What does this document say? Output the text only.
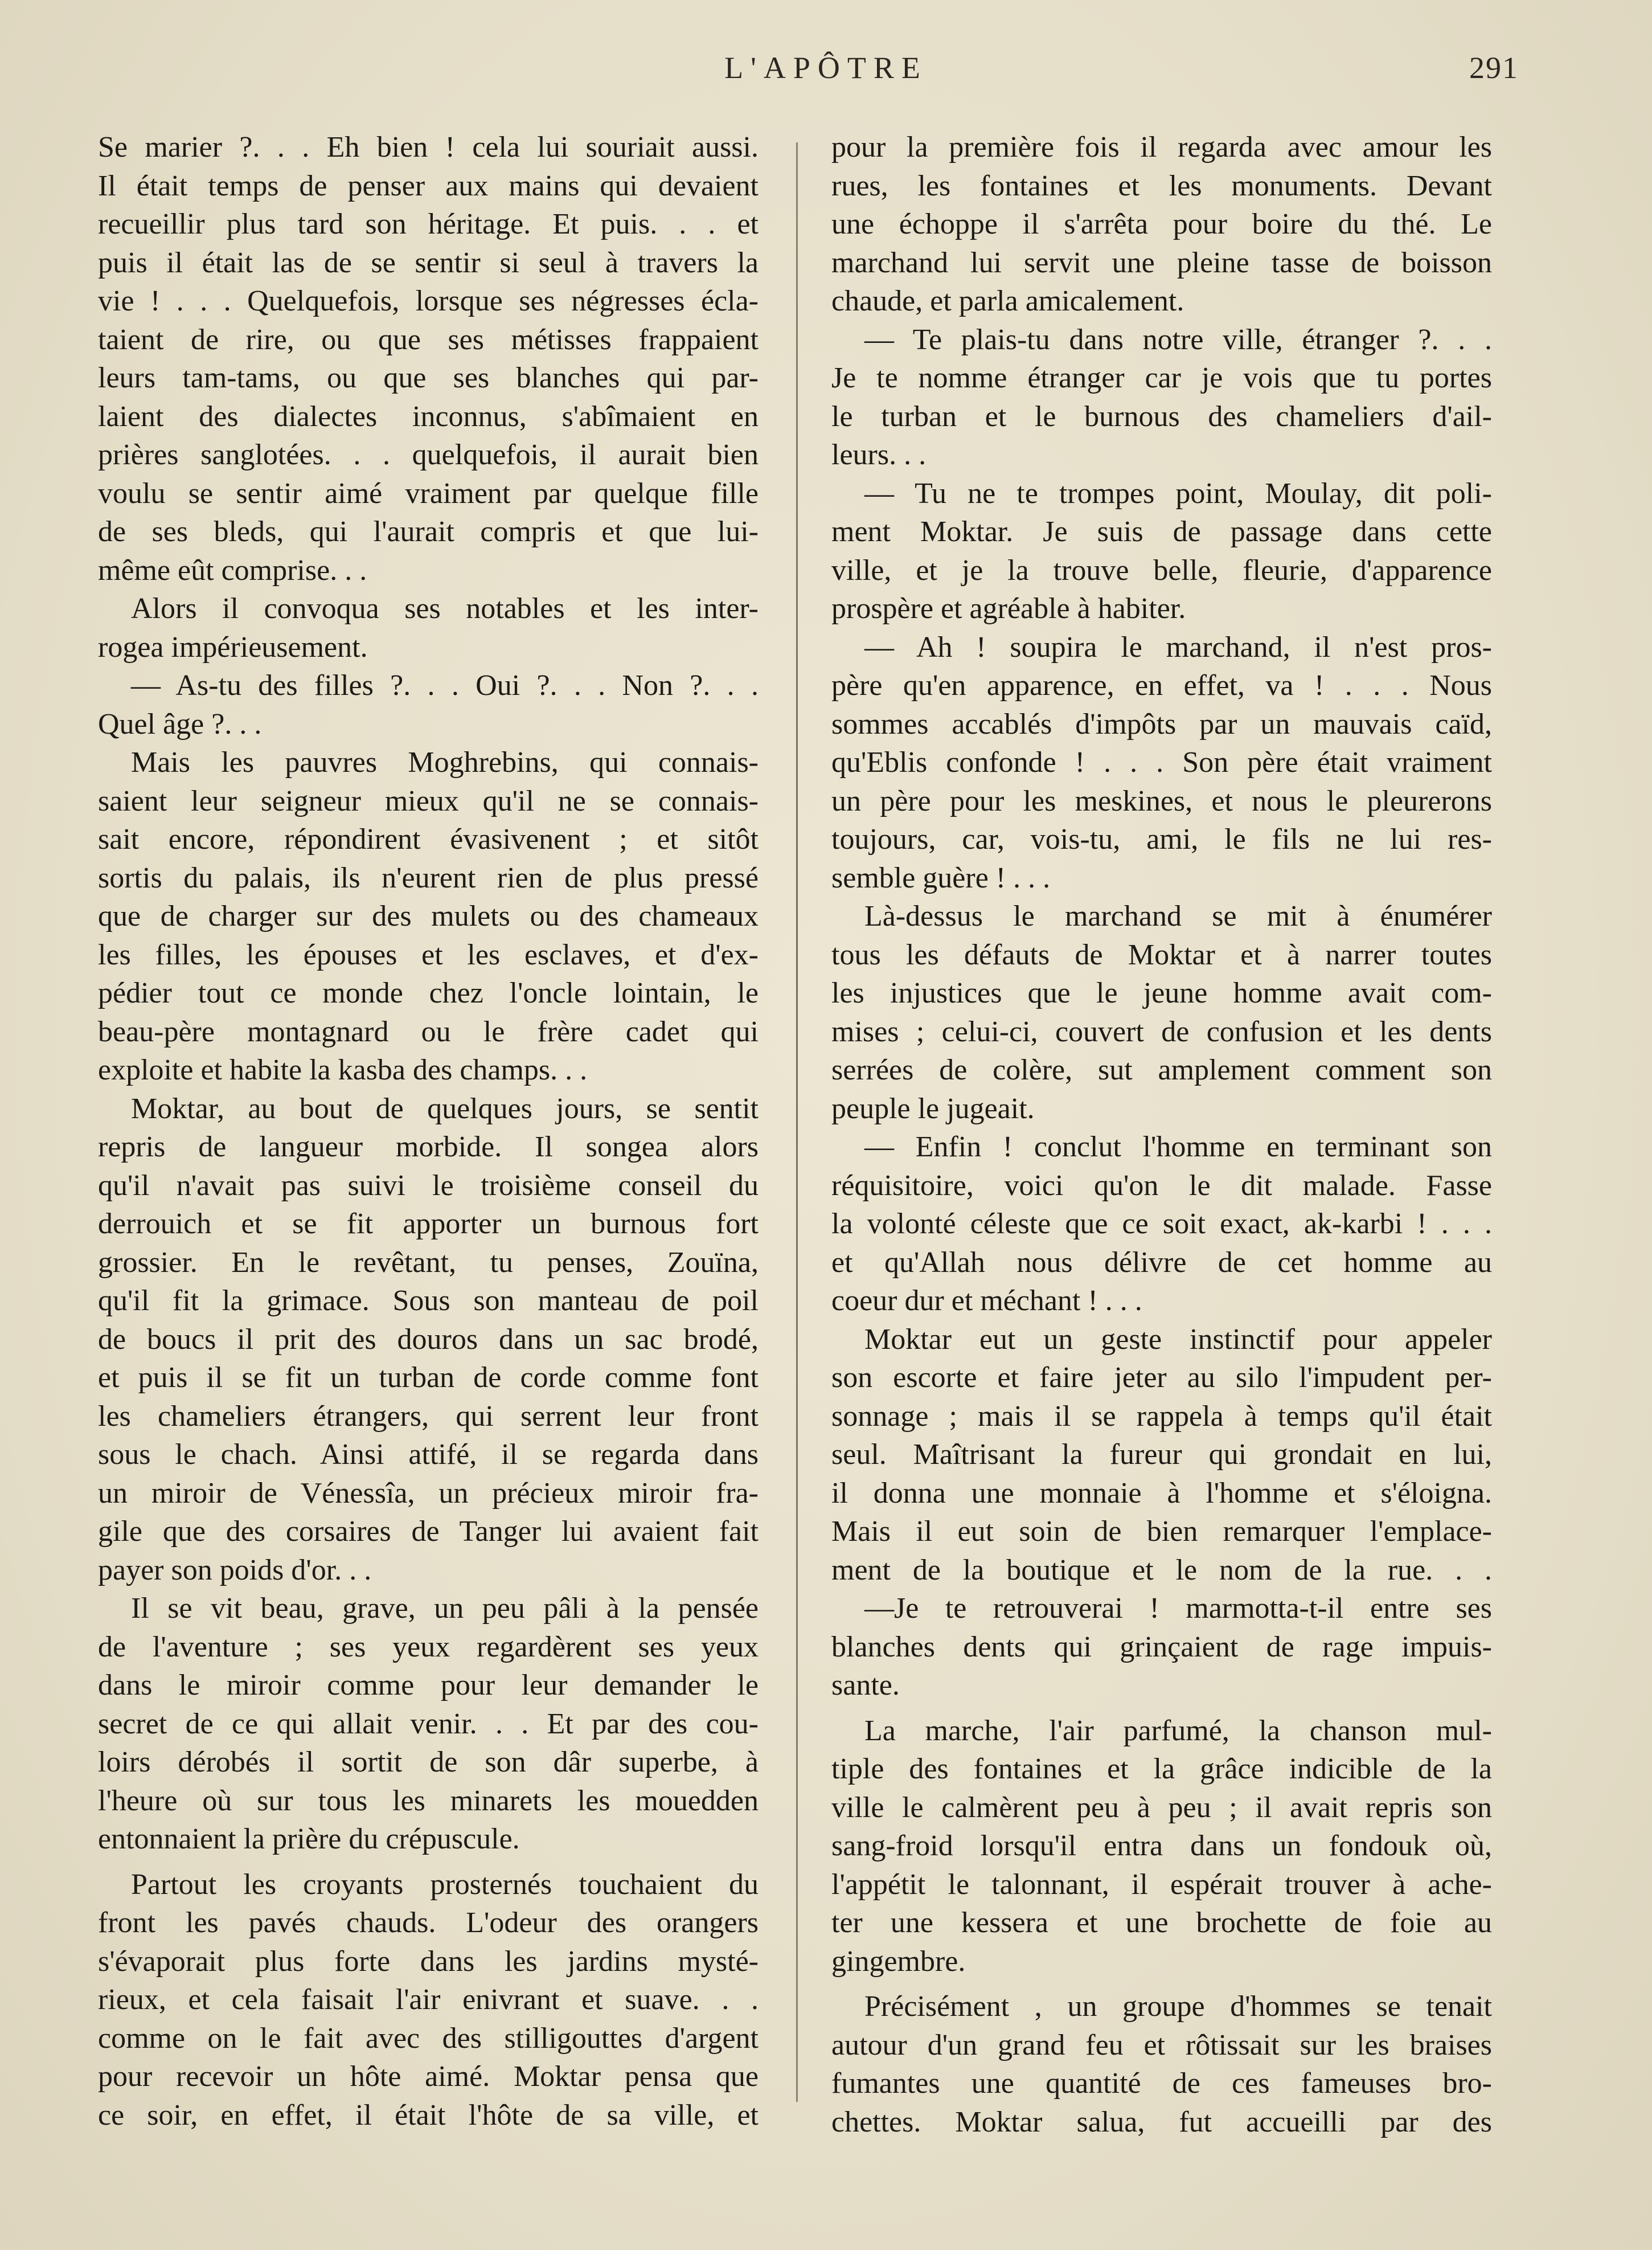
L'APÔTRE	291
Se marier ?. . . Eh bien ! cela lui souriait aussi.
Il était temps de penser aux mains qui devaient
recueillir plus tard son héritage. Et puis. . . et
puis il était las de se sentir si seul à travers la
vie ! . . . Quelquefois, lorsque ses négresses écla-
taient de rire, ou que ses métisses frappaient
leurs tam-tams, ou que ses blanches qui par-
laient des dialectes inconnus, s'abîmaient en
prières sanglotées. . . quelquefois, il aurait bien
voulu se sentir aimé vraiment par quelque fille
de ses bleds, qui l'aurait compris et que lui-
même eût comprise. . .
Alors il convoqua ses notables et les inter-
rogea impérieusement.
— As-tu des filles ?. . . Oui ?. . . Non ?. . .
Quel âge ?. . .
Mais les pauvres Moghrebins, qui connais-
saient leur seigneur mieux qu'il ne se connais-
sait encore, répondirent évasivenent ; et sitôt
sortis du palais, ils n'eurent rien de plus pressé
que de charger sur des mulets ou des chameaux
les filles, les épouses et les esclaves, et d'ex-
pédier tout ce monde chez l'oncle lointain, le
beau-père montagnard ou le frère cadet qui
exploite et habite la kasba des champs. . .
Moktar, au bout de quelques jours, se sentit
repris de langueur morbide. Il songea alors
qu'il n'avait pas suivi le troisième conseil du
derrouich et se fit apporter un burnous fort
grossier. En le revêtant, tu penses, Zouïna,
qu'il fit la grimace. Sous son manteau de poil
de boucs il prit des douros dans un sac brodé,
et puis il se fit un turban de corde comme font
les chameliers étrangers, qui serrent leur front
sous le chach. Ainsi attifé, il se regarda dans
un miroir de Vénessîa, un précieux miroir fra-
gile que des corsaires de Tanger lui avaient fait
payer son poids d'or. . .
Il se vit beau, grave, un peu pâli à la pensée
de l'aventure ; ses yeux regardèrent ses yeux
dans le miroir comme pour leur demander le
secret de ce qui allait venir. . . Et par des cou-
loirs dérobés il sortit de son dâr superbe, à
l'heure où sur tous les minarets les mouedden
entonnaient la prière du crépuscule.
Partout les croyants prosternés touchaient du
front les pavés chauds. L'odeur des orangers
s'évaporait plus forte dans les jardins mysté-
rieux, et cela faisait l'air enivrant et suave. . .
comme on le fait avec des stilligouttes d'argent
pour recevoir un hôte aimé. Moktar pensa que
ce soir, en effet, il était l'hôte de sa ville, et
pour la première fois il regarda avec amour les
rues, les fontaines et les monuments. Devant
une échoppe il s'arrêta pour boire du thé. Le
marchand lui servit une pleine tasse de boisson
chaude, et parla amicalement.
— Te plais-tu dans notre ville, étranger ?. . .
Je te nomme étranger car je vois que tu portes
le turban et le burnous des chameliers d'ail-
leurs. . .
— Tu ne te trompes point, Moulay, dit poli-
ment Moktar. Je suis de passage dans cette
ville, et je la trouve belle, fleurie, d'apparence
prospère et agréable à habiter.
— Ah ! soupira le marchand, il n'est pros-
père qu'en apparence, en effet, va ! . . . Nous
sommes accablés d'impôts par un mauvais caïd,
qu'Eblis confonde ! . . . Son père était vraiment
un père pour les meskines, et nous le pleurerons
toujours, car, vois-tu, ami, le fils ne lui res-
semble guère ! . . .
Là-dessus le marchand se mit à énumérer
tous les défauts de Moktar et à narrer toutes
les injustices que le jeune homme avait com-
mises ; celui-ci, couvert de confusion et les dents
serrées de colère, sut amplement comment son
peuple le jugeait.
— Enfin ! conclut l'homme en terminant son
réquisitoire, voici qu'on le dit malade. Fasse
la volonté céleste que ce soit exact, ak-karbi ! . . .
et qu'Allah nous délivre de cet homme au
coeur dur et méchant ! . . .
Moktar eut un geste instinctif pour appeler
son escorte et faire jeter au silo l'impudent per-
sonnage ; mais il se rappela à temps qu'il était
seul. Maîtrisant la fureur qui grondait en lui,
il donna une monnaie à l'homme et s'éloigna.
Mais il eut soin de bien remarquer l'emplace-
ment de la boutique et le nom de la rue. . .
—Je te retrouverai ! marmotta-t-il entre ses
blanches dents qui grinçaient de rage impuis-
sante.
La marche, l'air parfumé, la chanson mul-
tiple des fontaines et la grâce indicible de la
ville le calmèrent peu à peu ; il avait repris son
sang-froid lorsqu'il entra dans un fondouk où,
l'appétit le talonnant, il espérait trouver à ache-
ter une kessera et une brochette de foie au
gingembre.
Précisément , un groupe d'hommes se tenait
autour d'un grand feu et rôtissait sur les braises
fumantes une quantité de ces fameuses bro-
chettes. Moktar salua, fut accueilli par des
